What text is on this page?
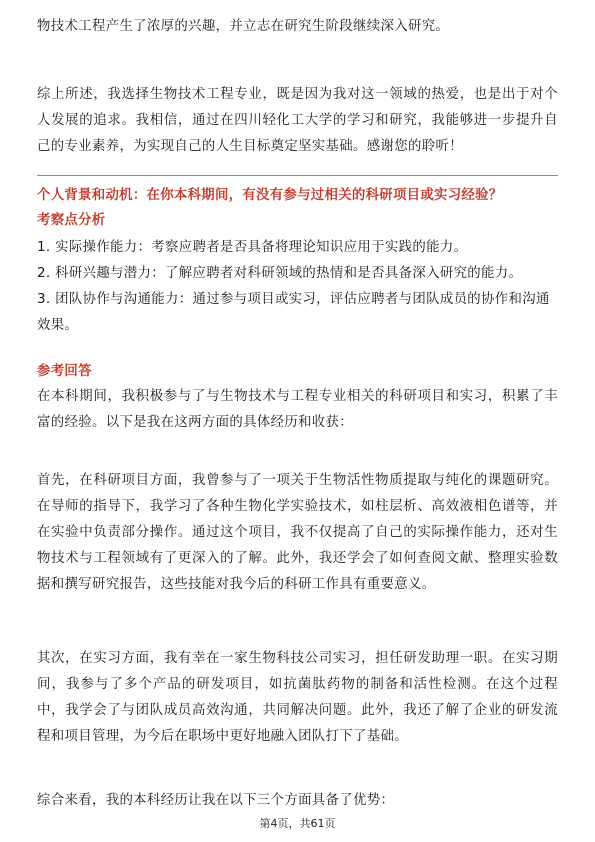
物技术工程产生了浓厚的兴趣，并立志在研究生阶段继续深入研究。

综上所述，我选择生物技术工程专业，既是因为我对这一领域的热爱，也是出于对个人发展的追求。我相信，通过在四川轻化工大学的学习和研究，我能够进一步提升自己的专业素养，为实现自己的人生目标奠定坚实基础。感谢您的聆听！

个人背景和动机：在你本科期间，有没有参与过相关的科研项目或实习经验？
考察点分析
1. 实际操作能力：考察应聘者是否具备将理论知识应用于实践的能力。
2. 科研兴趣与潜力：了解应聘者对科研领域的热情和是否具备深入研究的能力。
3. 团队协作与沟通能力：通过参与项目或实习，评估应聘者与团队成员的协作和沟通效果。
参考回答

在本科期间，我积极参与了与生物技术与工程专业相关的科研项目和实习，积累了丰富的经验。以下是我在这两方面的具体经历和收获：

首先，在科研项目方面，我曾参与了一项关于生物活性物质提取与纯化的课题研究。在导师的指导下，我学习了各种生物化学实验技术，如柱层析、高效液相色谱等，并在实验中负责部分操作。通过这个项目，我不仅提高了自己的实际操作能力，还对生物技术与工程领域有了更深入的了解。此外，我还学会了如何查阅文献、整理实验数据和撰写研究报告，这些技能对我今后的科研工作具有重要意义。

其次，在实习方面，我有幸在一家生物科技公司实习，担任研发助理一职。在实习期间，我参与了多个产品的研发项目，如抗菌肽药物的制备和活性检测。在这个过程中，我学会了与团队成员高效沟通，共同解决问题。此外，我还了解了企业的研发流程和项目管理，为今后在职场中更好地融入团队打下了基础。

综合来看，我的本科经历让我在以下三个方面具备了优势：

第4页，共61页
